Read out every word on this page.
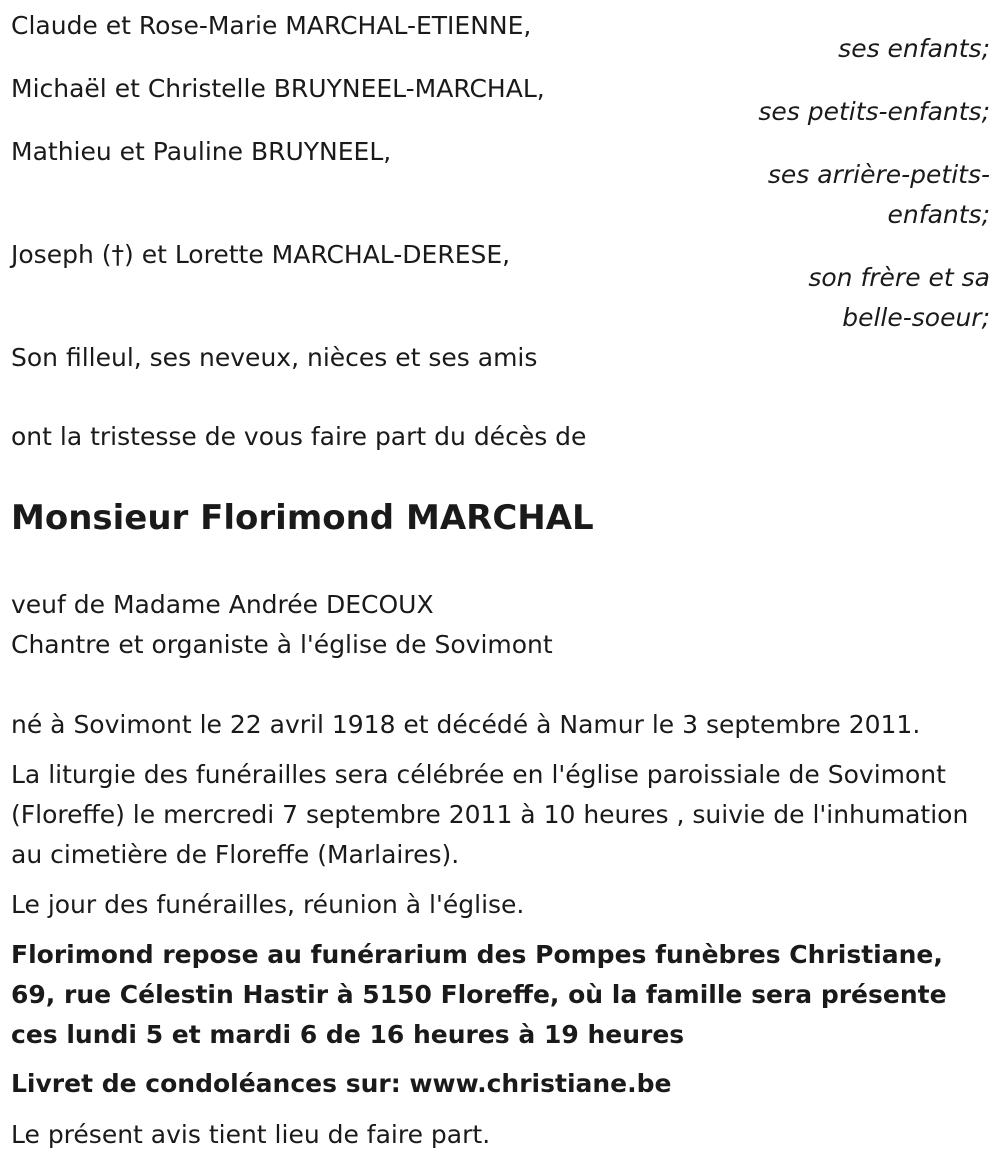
Claude et Rose-Marie MARCHAL-ETIENNE,

ses enfants;

Michaël et Christelle BRUYNEEL-MARCHAL,

ses petits-enfants;

Mathieu et Pauline BRUYNEEL,

ses arrière-petits-

enfants;

Joseph (†) et Lorette MARCHAL-DERESE,

son frère et sa

belle-soeur;

Son filleul, ses neveux, nièces et ses amis

ont la tristesse de vous faire part du décès de

Monsieur Florimond MARCHAL

veuf de Madame Andrée DECOUX

Chantre et organiste à l'église de Sovimont

né à Sovimont le 22 avril 1918 et décédé à Namur le 3 septembre 2011.

La liturgie des funérailles sera célébrée en l'église paroissiale de Sovimont (Floreffe) le mercredi 7 septembre 2011 à 10 heures , suivie de l'inhumation au cimetière de Floreffe (Marlaires).

Le jour des funérailles, réunion à l'église.

Florimond repose au funérarium des Pompes funèbres Christiane, 69, rue Célestin Hastir à 5150 Floreffe, où la famille sera présente ces lundi 5 et mardi 6 de 16 heures à 19 heures

Livret de condoléances sur: www.christiane.be

Le présent avis tient lieu de faire part.
